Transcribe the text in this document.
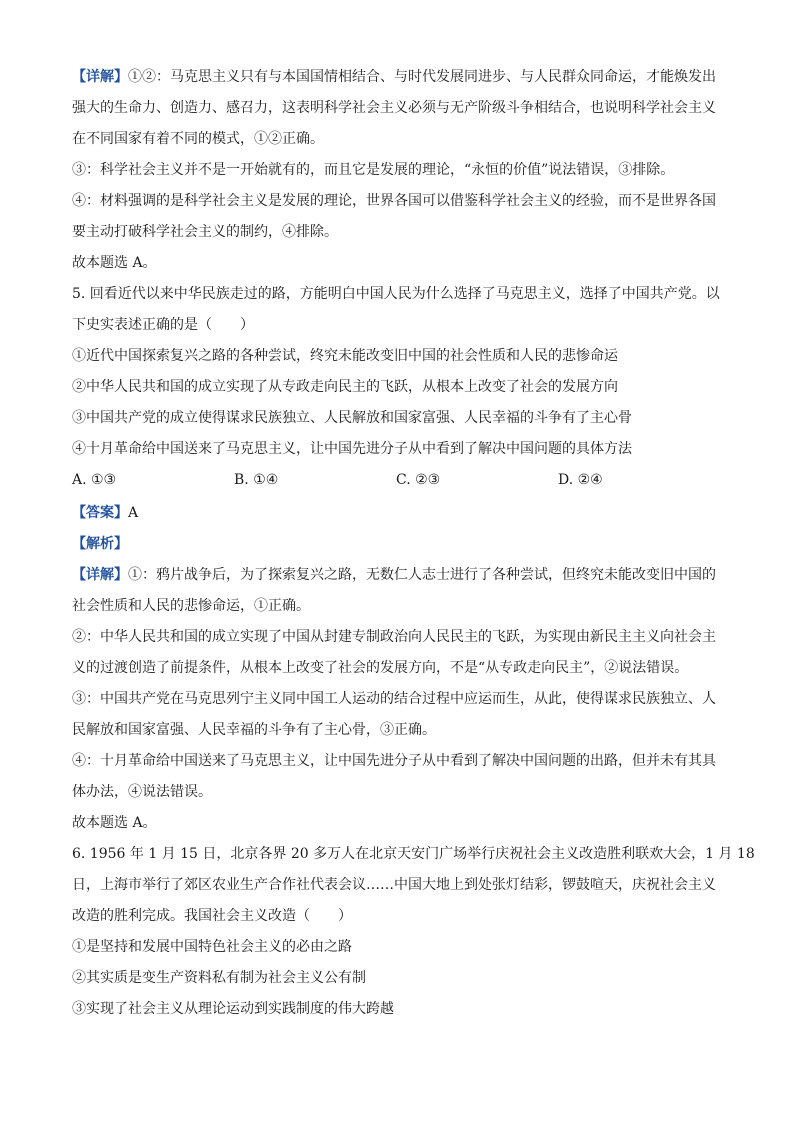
【详解】①②：马克思主义只有与本国国情相结合、与时代发展同进步、与人民群众同命运，才能焕发出
强大的生命力、创造力、感召力，这表明科学社会主义必须与无产阶级斗争相结合，也说明科学社会主义
在不同国家有着不同的模式，①②正确。
③：科学社会主义并不是一开始就有的，而且它是发展的理论，“永恒的价值”说法错误，③排除。
④：材料强调的是科学社会主义是发展的理论，世界各国可以借鉴科学社会主义的经验，而不是世界各国
要主动打破科学社会主义的制约，④排除。
故本题选 A。
5. 回看近代以来中华民族走过的路，方能明白中国人民为什么选择了马克思主义，选择了中国共产党。以
下史实表述正确的是（　　）
①近代中国探索复兴之路的各种尝试，终究未能改变旧中国的社会性质和人民的悲惨命运
②中华人民共和国的成立实现了从专政走向民主的飞跃，从根本上改变了社会的发展方向
③中国共产党的成立使得谋求民族独立、人民解放和国家富强、人民幸福的斗争有了主心骨
④十月革命给中国送来了马克思主义，让中国先进分子从中看到了解决中国问题的具体方法
A. ①③	B. ①④	C. ②③	D. ②④
【答案】A
【解析】
【详解】①：鸦片战争后，为了探索复兴之路，无数仁人志士进行了各种尝试，但终究未能改变旧中国的
社会性质和人民的悲惨命运，①正确。
②：中华人民共和国的成立实现了中国从封建专制政治向人民民主的飞跃，为实现由新民主主义向社会主
义的过渡创造了前提条件，从根本上改变了社会的发展方向，不是“从专政走向民主”，②说法错误。
③：中国共产党在马克思列宁主义同中国工人运动的结合过程中应运而生，从此，使得谋求民族独立、人
民解放和国家富强、人民幸福的斗争有了主心骨，③正确。
④：十月革命给中国送来了马克思主义，让中国先进分子从中看到了解决中国问题的出路，但并未有其具
体办法，④说法错误。
故本题选 A。
6. 1956 年 1 月 15 日，北京各界 20 多万人在北京天安门广场举行庆祝社会主义改造胜利联欢大会，1 月 18
日，上海市举行了郊区农业生产合作社代表会议……中国大地上到处张灯结彩，锣鼓喧天，庆祝社会主义
改造的胜利完成。我国社会主义改造（　　）
①是坚持和发展中国特色社会主义的必由之路
②其实质是变生产资料私有制为社会主义公有制
③实现了社会主义从理论运动到实践制度的伟大跨越
